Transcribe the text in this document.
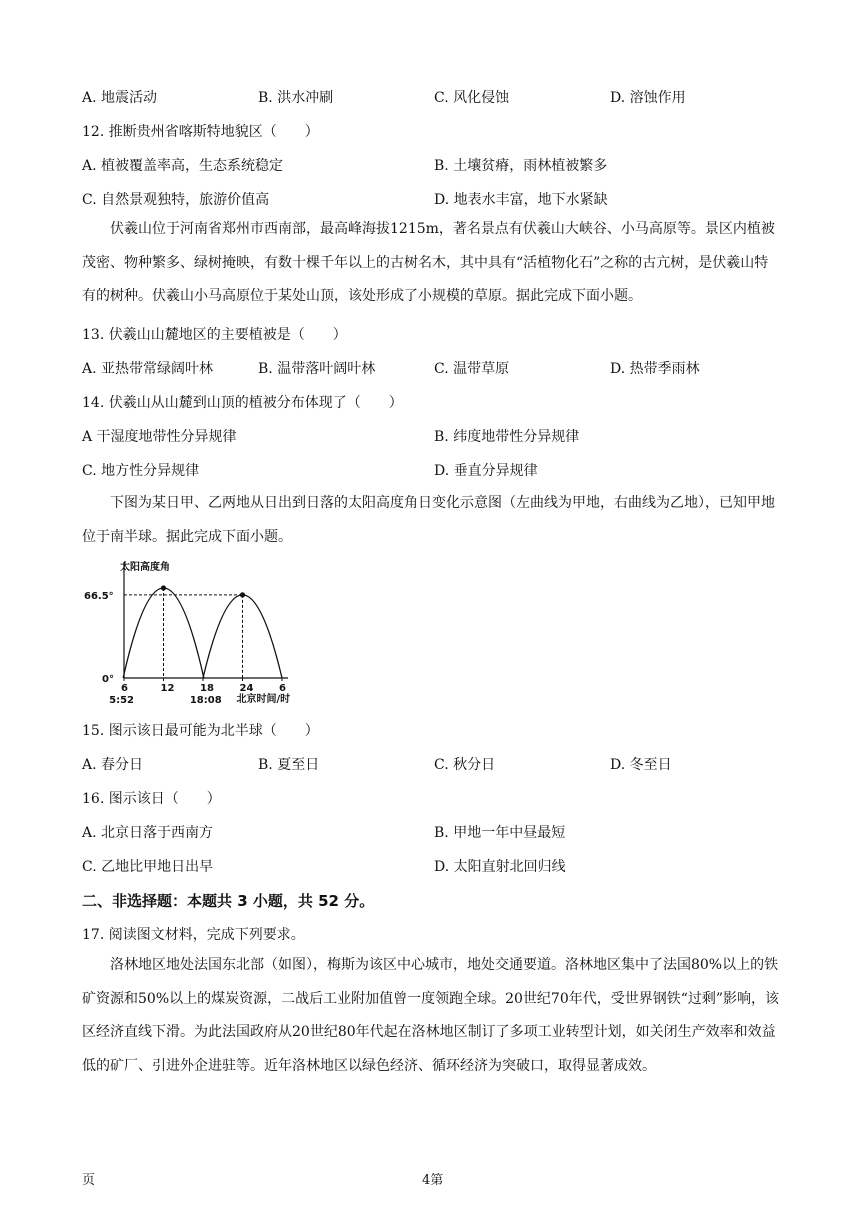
A. 地震活动	B. 洪水冲刷	C. 风化侵蚀	D. 溶蚀作用
12. 推断贵州省喀斯特地貌区（　　）
A. 植被覆盖率高，生态系统稳定	B. 土壤贫瘠，雨林植被繁多
C. 自然景观独特，旅游价值高	D. 地表水丰富，地下水紧缺
伏羲山位于河南省郑州市西南部，最高峰海拔1215m，著名景点有伏羲山大峡谷、小马高原等。景区内植被茂密、物种繁多、绿树掩映，有数十棵千年以上的古树名木，其中具有“活植物化石”之称的古亢树，是伏羲山特有的树种。伏羲山小马高原位于某处山顶，该处形成了小规模的草原。据此完成下面小题。
13. 伏羲山山麓地区的主要植被是（　　）
A. 亚热带常绿阔叶林	B. 温带落叶阔叶林	C. 温带草原	D. 热带季雨林
14. 伏羲山从山麓到山顶的植被分布体现了（　　）
A 干湿度地带性分异规律	B. 纬度地带性分异规律
C. 地方性分异规律	D. 垂直分异规律
下图为某日甲、乙两地从日出到日落的太阳高度角日变化示意图（左曲线为甲地，右曲线为乙地），已知甲地位于南半球。据此完成下面小题。
太阳高度角
北京时间/时
66.5°
0°
6	12	18	24	6
5:52	18:08
15. 图示该日最可能为北半球（　　）
A. 春分日	B. 夏至日	C. 秋分日	D. 冬至日
16. 图示该日（　　）
A. 北京日落于西南方	B. 甲地一年中昼最短
C. 乙地比甲地日出早	D. 太阳直射北回归线
二、非选择题：本题共 3 小题，共 52 分。
17. 阅读图文材料，完成下列要求。
洛林地区地处法国东北部（如图），梅斯为该区中心城市，地处交通要道。洛林地区集中了法国80%以上的铁矿资源和50%以上的煤炭资源，二战后工业附加值曾一度领跑全球。20世纪70年代，受世界钢铁“过剩”影响，该区经济直线下滑。为此法国政府从20世纪80年代起在洛林地区制订了多项工业转型计划，如关闭生产效率和效益低的矿厂、引进外企进驻等。近年洛林地区以绿色经济、循环经济为突破口，取得显著成效。
页	4第
